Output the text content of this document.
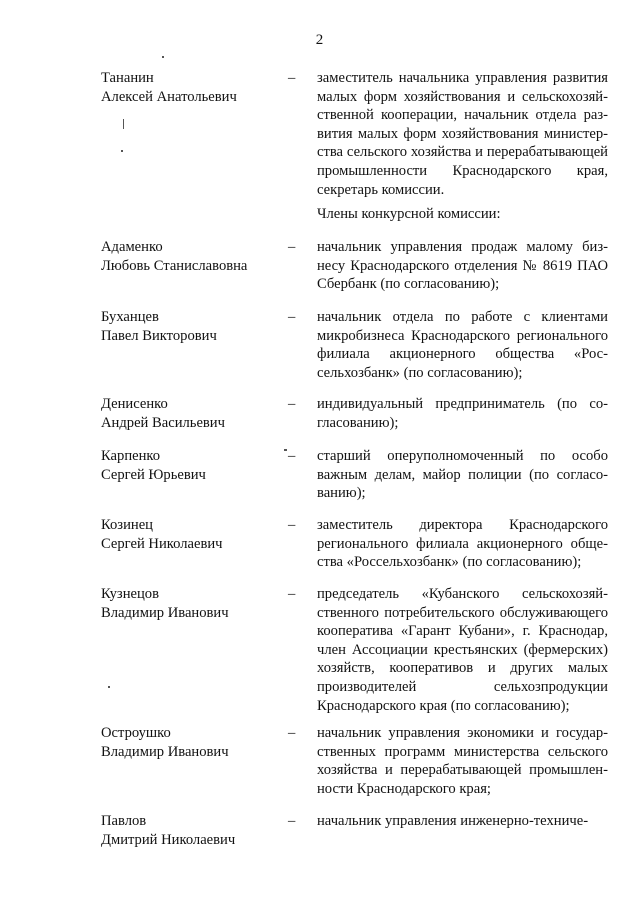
2
Тананин
Алексей Анатольевич
– заместитель начальника управления развития малых форм хозяйствования и сельскохозяйственной кооперации, начальник отдела развития малых форм хозяйствования министерства сельского хозяйства и перерабатывающей промышленности Краснодарского края, секретарь комиссии.
Члены конкурсной комиссии:
Адаменко
Любовь Станиславовна
– начальник управления продаж малому бизнесу Краснодарского отделения № 8619 ПАО Сбербанк (по согласованию);
Буханцев
Павел Викторович
– начальник отдела по работе с клиентами микробизнеса Краснодарского регионального филиала акционерного общества «Россельхозбанк» (по согласованию);
Денисенко
Андрей Васильевич
– индивидуальный предприниматель (по согласованию);
Карпенко
Сергей Юрьевич
– старший оперуполномоченный по особо важным делам, майор полиции (по согласованию);
Козинец
Сергей Николаевич
– заместитель директора Краснодарского регионального филиала акционерного общества «Россельхозбанк» (по согласованию);
Кузнецов
Владимир Иванович
– председатель «Кубанского сельскохозяйственного потребительского обслуживающего кооператива «Гарант Кубани», г. Краснодар, член Ассоциации крестьянских (фермерских) хозяйств, кооперативов и других малых производителей сельхозпродукции Краснодарского края (по согласованию);
Остроушко
Владимир Иванович
– начальник управления экономики и государственных программ министерства сельского хозяйства и перерабатывающей промышленности Краснодарского края;
Павлов
Дмитрий Николаевич
– начальник управления инженерно-техниче-
